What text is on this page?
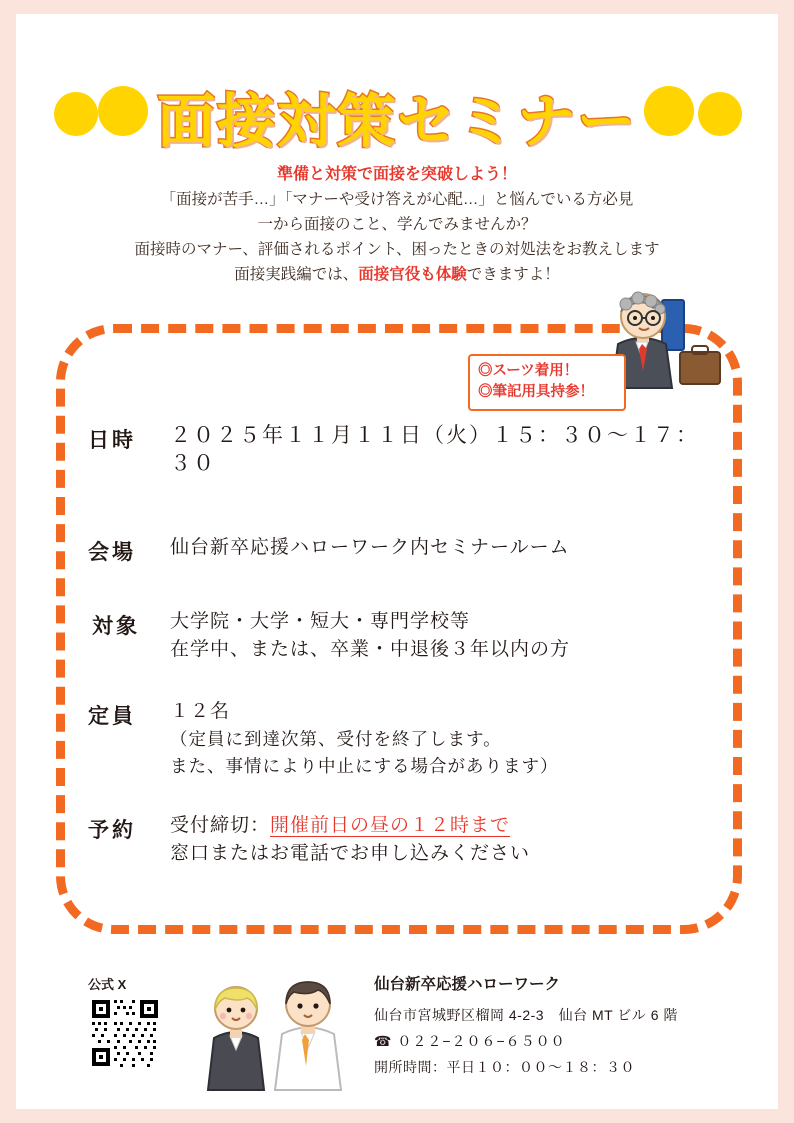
面接対策セミナー
準備と対策で面接を突破しよう！
「面接が苦手…」「マナーや受け答えが心配…」と悩んでいる方必見
一から面接のこと、学んでみませんか？
面接時のマナー、評価されるポイント、困ったときの対処法をお教えします
面接実践編では、面接官役も体験できますよ！
◎スーツ着用！
◎筆記用具持参！
日時	２０２５年１１月１１日（火）１５：３０〜１７：３０
会場	仙台新卒応援ハローワーク内セミナールーム
対象	大学院・大学・短大・専門学校等
在学中、または、卒業・中退後３年以内の方
定員	１２名
（定員に到達次第、受付を終了します。
また、事情により中止にする場合があります）
予約	受付締切：開催前日の昼の１２時まで
窓口またはお電話でお申し込みください
公式 X	仙台新卒応援ハローワーク
仙台市宮城野区榴岡 4-2-3　仙台 MT ビル 6 階
☎ ０２２−２０６−６５００
開所時間：平日１０：００〜１８：３０
